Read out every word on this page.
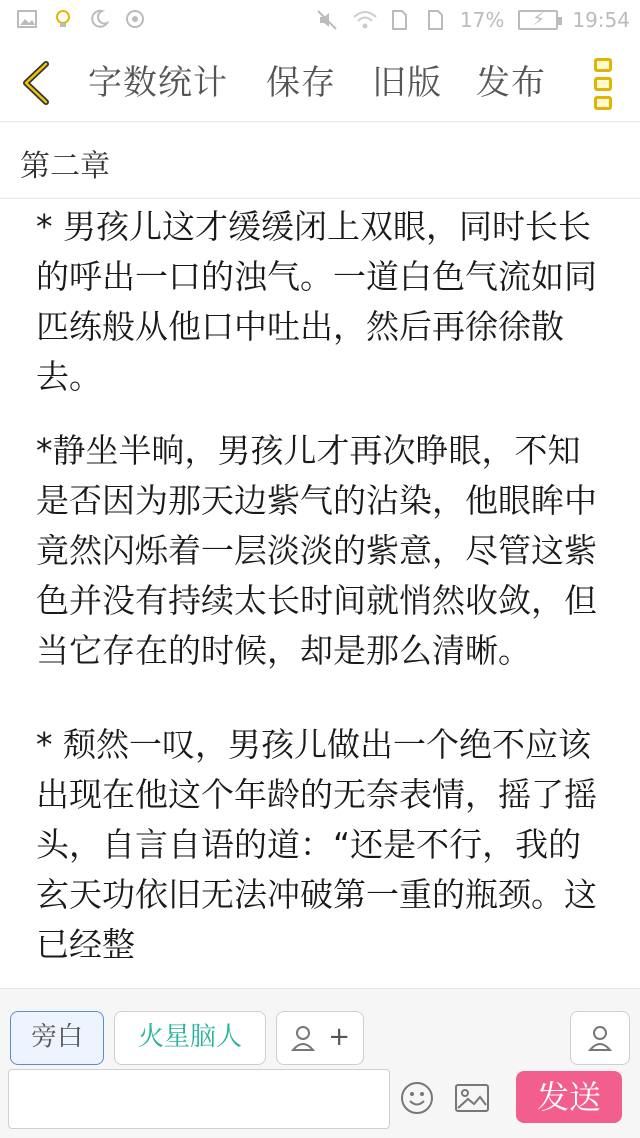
17% ⚡ 19:54
字数统计 保存 旧版 发布
第二章

* 男孩儿这才缓缓闭上双眼，同时长长的呼出一口的浊气。一道白色气流如同匹练般从他口中吐出，然后再徐徐散去。

*静坐半晌，男孩儿才再次睁眼，不知是否因为那天边紫气的沾染，他眼眸中竟然闪烁着一层淡淡的紫意，尽管这紫色并没有持续太长时间就悄然收敛，但当它存在的时候，却是那么清晰。

* 颓然一叹，男孩儿做出一个绝不应该出现在他这个年龄的无奈表情，摇了摇头，自言自语的道：“还是不行，我的玄天功依旧无法冲破第一重的瓶颈。这已经整

旁白	火星脑人	+
发送
